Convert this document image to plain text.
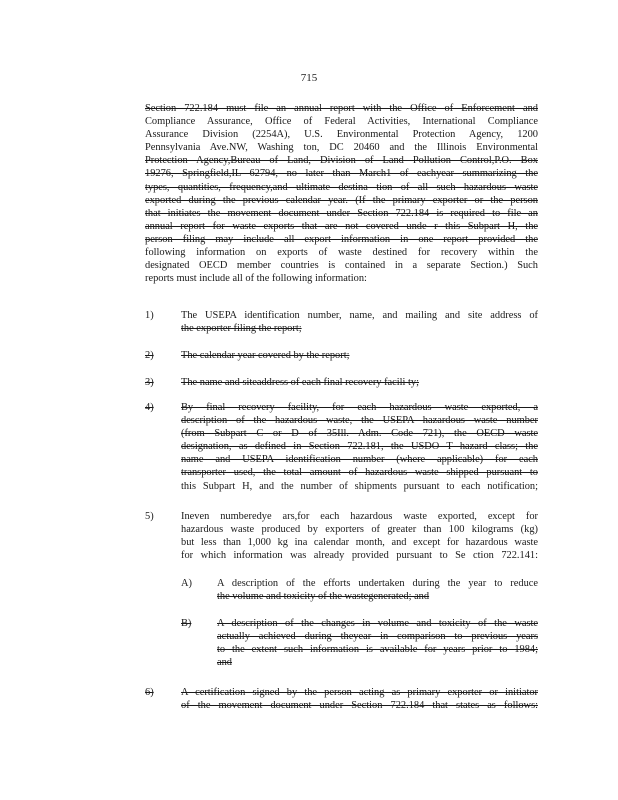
715
Section 722.184 must file an annual report with the Office of Enforcement and
Compliance Assurance, Office of Federal Activities, International Compliance
Assurance Division (2254A), U.S. Environmental Protection Agency, 1200
Pennsylvania Ave.NW, Washing ton, DC 20460 and the Illinois Environmental
Protection Agency,Bureau of Land, Division of Land Pollution Control,P.O. Box
19276, Springfield,IL 62794, no later than March1 of eachyear summarizing the
types, quantities, frequency,and ultimate destina tion of all such hazardous waste
exported during the previous calendar year. (If the primary exporter or the person
that initiates the movement document under Section 722.184 is required to file an
annual report for waste exports that are not covered unde r this Subpart H, the
person filing may include all export information in one report provided the
following information on exports of waste destined for recovery within the
designated OECD member countries is contained in a separate Section.) Such
reports must include all of the following information:
1)	The USEPA identification number, name, and mailing and site address of
the exporter filing the report;
2)	The calendar year covered by the report;
3)	The name and siteaddress of each final recovery facili ty;
4)	By final recovery facility, for each hazardous waste exported, a
description of the hazardous waste, the USEPA hazardous waste number
(from Subpart C or D of 35Ill. Adm. Code 721), the OECD waste
designation, as defined in Section 722.181, the USDO T hazard class; the
name and USEPA identification number (where applicable) for each
transporter used, the total amount of hazardous waste shipped pursuant to
this Subpart H, and the number of shipments pursuant to each notification;
5)	Ineven numberedye ars,for each hazardous waste exported, except for
hazardous waste produced by exporters of greater than 100 kilograms (kg)
but less than 1,000 kg ina calendar month, and except for hazardous waste
for which information was already provided pursuant to Se ction 722.141:
A) A description of the efforts undertaken during the year to reduce
the volume and toxicity of the wastegenerated; and
B) A description of the changes in volume and toxicity of the waste
actually achieved during theyear in comparison to previous years
to the extent such information is available for years prior to 1984;
and
6)	A certification signed by the person acting as primary exporter or initiator
of the movement document under Section 722.184 that states as follows:
